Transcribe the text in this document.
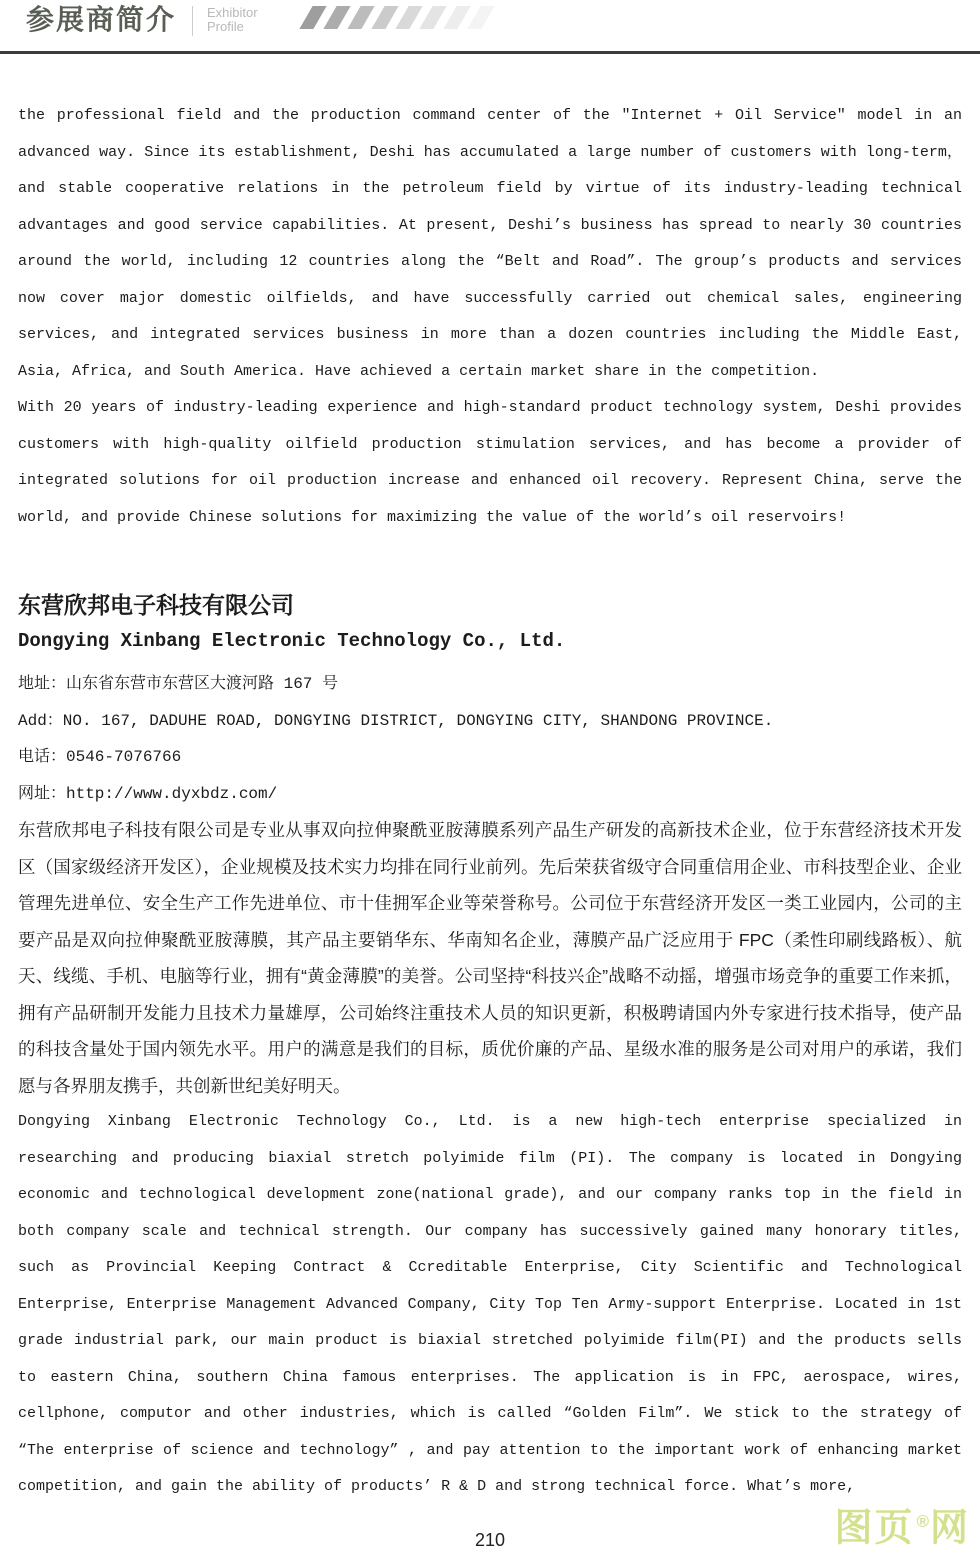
参展商简介 Exhibitor
Profile

the professional field and the production command center of the ″Internet + Oil Service″ model in an advanced way. Since its establishment, Deshi has accumulated a large number of customers with long-term， and stable cooperative relations in the petroleum field by virtue of its industry-leading technical advantages and good service capabilities. At present, Deshi’s business has spread to nearly 30 countries around the world, including 12 countries along the “Belt and Road”. The group’s products and services now cover major domestic oilfields, and have successfully carried out chemical sales, engineering services, and integrated services business in more than a dozen countries including the Middle East, Asia, Africa, and South America. Have achieved a certain market share in the competition.

With 20 years of industry-leading experience and high-standard product technology system, Deshi provides customers with high-quality oilfield production stimulation services, and has become a provider of integrated solutions for oil production increase and enhanced oil recovery. Represent China, serve the world, and provide Chinese solutions for maximizing the value of the world’s oil reservoirs!

东营欣邦电子科技有限公司
Dongying Xinbang Electronic Technology Co., Ltd.

地址：山东省东营市东营区大渡河路 167 号

Add：NO. 167, DADUHE ROAD, DONGYING DISTRICT, DONGYING CITY, SHANDONG PROVINCE.

电话：0546-7076766

网址：http://www.dyxbdz.com/

东营欣邦电子科技有限公司是专业从事双向拉伸聚酰亚胺薄膜系列产品生产研发的高新技术企业，位于东营经济技术开发区（国家级经济开发区），企业规模及技术实力均排在同行业前列。先后荣获省级守合同重信用企业、市科技型企业、企业管理先进单位、安全生产工作先进单位、市十佳拥军企业等荣誉称号。公司位于东营经济开发区一类工业园内，公司的主要产品是双向拉伸聚酰亚胺薄膜，其产品主要销华东、华南知名企业，薄膜产品广泛应用于 FPC（柔性印刷线路板）、航天、线缆、手机、电脑等行业，拥有“黄金薄膜”的美誉。公司坚持“科技兴企”战略不动摇，增强市场竞争的重要工作来抓，拥有产品研制开发能力且技术力量雄厚，公司始终注重技术人员的知识更新，积极聘请国内外专家进行技术指导，使产品的科技含量处于国内领先水平。用户的满意是我们的目标，质优价廉的产品、星级水准的服务是公司对用户的承诺，我们愿与各界朋友携手，共创新世纪美好明天。

Dongying Xinbang Electronic Technology Co., Ltd. is a new high-tech enterprise specialized in researching and producing biaxial stretch polyimide film (PI). The company is located in Dongying economic and technological development zone(national grade), and our company ranks top in the field in both company scale and technical strength. Our company has successively gained many honorary titles, such as Provincial Keeping Contract & Ccreditable Enterprise, City Scientific and Technological Enterprise, Enterprise Management Advanced Company, City Top Ten Army-support Enterprise. Located in 1st grade industrial park, our main product is biaxial stretched polyimide film(PI) and the products sells to eastern China, southern China famous enterprises. The application is in FPC, aerospace, wires, cellphone, computor and other industries, which is called “Golden Film”. We stick to the strategy of “The enterprise of science and technology” , and pay attention to the important work of enhancing market competition, and gain the ability of products’ R & D and strong technical force. What’s more,

210	图页 ®网
